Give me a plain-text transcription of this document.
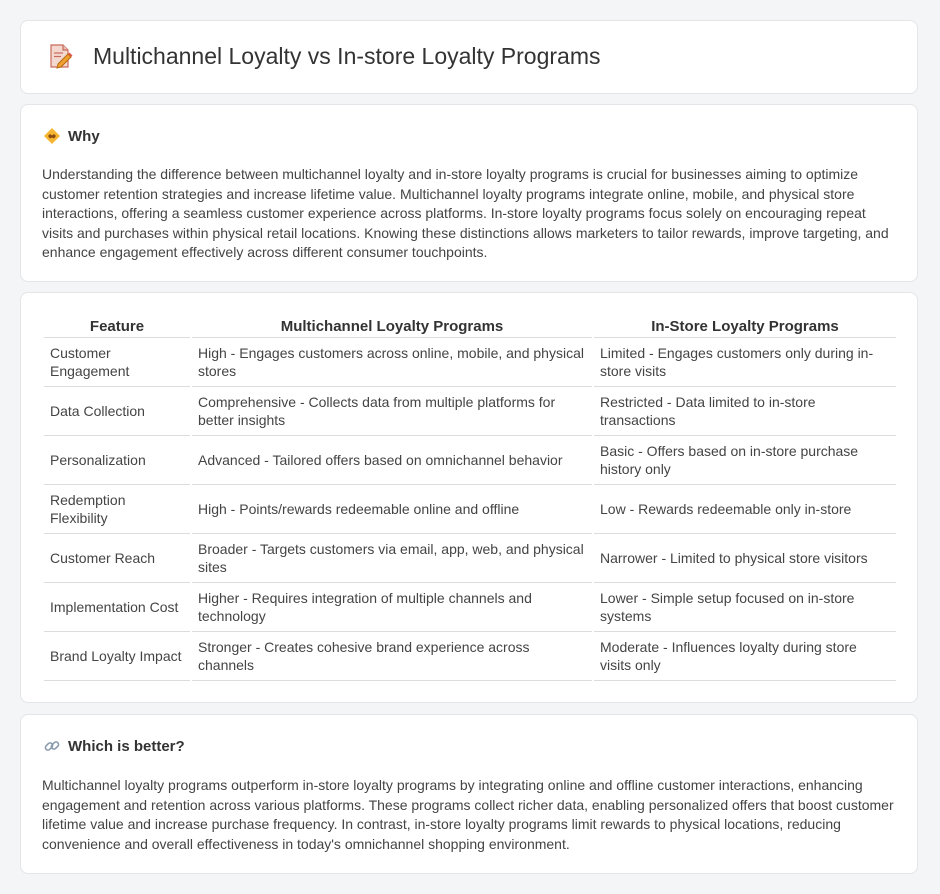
Multichannel Loyalty vs In-store Loyalty Programs
Why

Understanding the difference between multichannel loyalty and in-store loyalty programs is crucial for businesses aiming to optimize customer retention strategies and increase lifetime value. Multichannel loyalty programs integrate online, mobile, and physical store interactions, offering a seamless customer experience across platforms. In-store loyalty programs focus solely on encouraging repeat visits and purchases within physical retail locations. Knowing these distinctions allows marketers to tailor rewards, improve targeting, and enhance engagement effectively across different consumer touchpoints.

Feature	Multichannel Loyalty Programs	In-Store Loyalty Programs
Customer Engagement	High - Engages customers across online, mobile, and physical stores	Limited - Engages customers only during in-store visits
Data Collection	Comprehensive - Collects data from multiple platforms for better insights	Restricted - Data limited to in-store transactions
Personalization	Advanced - Tailored offers based on omnichannel behavior	Basic - Offers based on in-store purchase history only
Redemption Flexibility	High - Points/rewards redeemable online and offline	Low - Rewards redeemable only in-store
Customer Reach	Broader - Targets customers via email, app, web, and physical sites	Narrower - Limited to physical store visitors
Implementation Cost	Higher - Requires integration of multiple channels and technology	Lower - Simple setup focused on in-store systems
Brand Loyalty Impact	Stronger - Creates cohesive brand experience across channels	Moderate - Influences loyalty during store visits only
Which is better?

Multichannel loyalty programs outperform in-store loyalty programs by integrating online and offline customer interactions, enhancing engagement and retention across various platforms. These programs collect richer data, enabling personalized offers that boost customer lifetime value and increase purchase frequency. In contrast, in-store loyalty programs limit rewards to physical locations, reducing convenience and overall effectiveness in today's omnichannel shopping environment.
